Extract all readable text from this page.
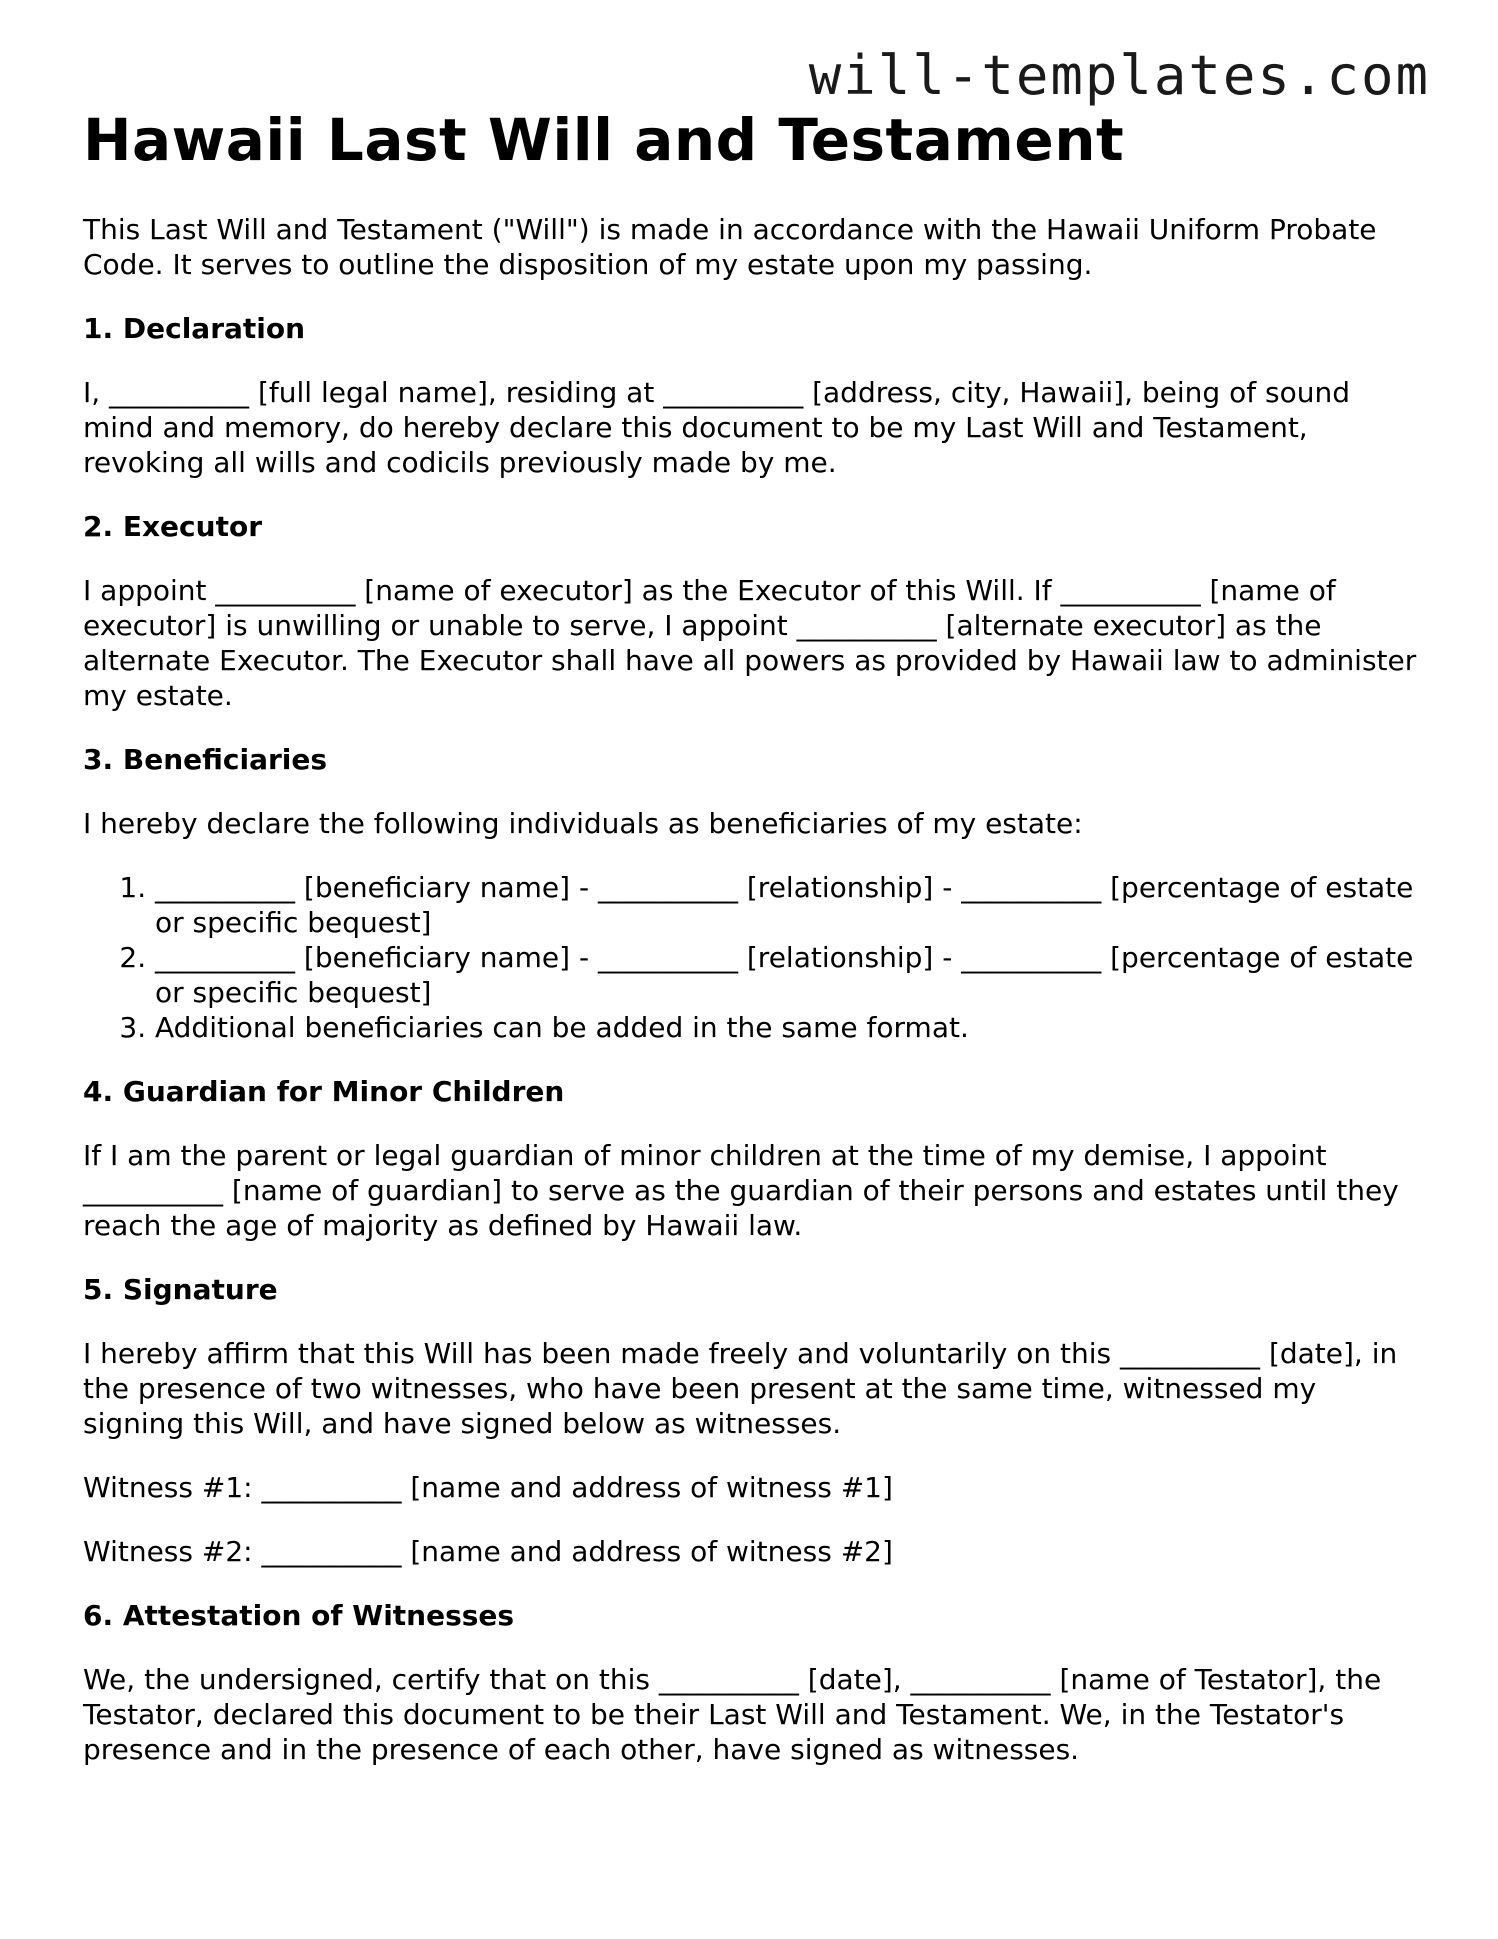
will-templates.com
Hawaii Last Will and Testament

This Last Will and Testament ("Will") is made in accordance with the Hawaii Uniform Probate Code. It serves to outline the disposition of my estate upon my passing.

1. Declaration

I, __________ [full legal name], residing at __________ [address, city, Hawaii], being of sound mind and memory, do hereby declare this document to be my Last Will and Testament, revoking all wills and codicils previously made by me.

2. Executor

I appoint __________ [name of executor] as the Executor of this Will. If __________ [name of executor] is unwilling or unable to serve, I appoint __________ [alternate executor] as the alternate Executor. The Executor shall have all powers as provided by Hawaii law to administer my estate.

3. Beneficiaries

I hereby declare the following individuals as beneficiaries of my estate:

1. __________ [beneficiary name] - __________ [relationship] - __________ [percentage of estate or specific bequest]
2. __________ [beneficiary name] - __________ [relationship] - __________ [percentage of estate or specific bequest]
3. Additional beneficiaries can be added in the same format.
4. Guardian for Minor Children

If I am the parent or legal guardian of minor children at the time of my demise, I appoint __________ [name of guardian] to serve as the guardian of their persons and estates until they reach the age of majority as defined by Hawaii law.

5. Signature

I hereby affirm that this Will has been made freely and voluntarily on this __________ [date], in the presence of two witnesses, who have been present at the same time, witnessed my signing this Will, and have signed below as witnesses.

Witness #1: __________ [name and address of witness #1]

Witness #2: __________ [name and address of witness #2]

6. Attestation of Witnesses

We, the undersigned, certify that on this __________ [date], __________ [name of Testator], the Testator, declared this document to be their Last Will and Testament. We, in the Testator's presence and in the presence of each other, have signed as witnesses.
